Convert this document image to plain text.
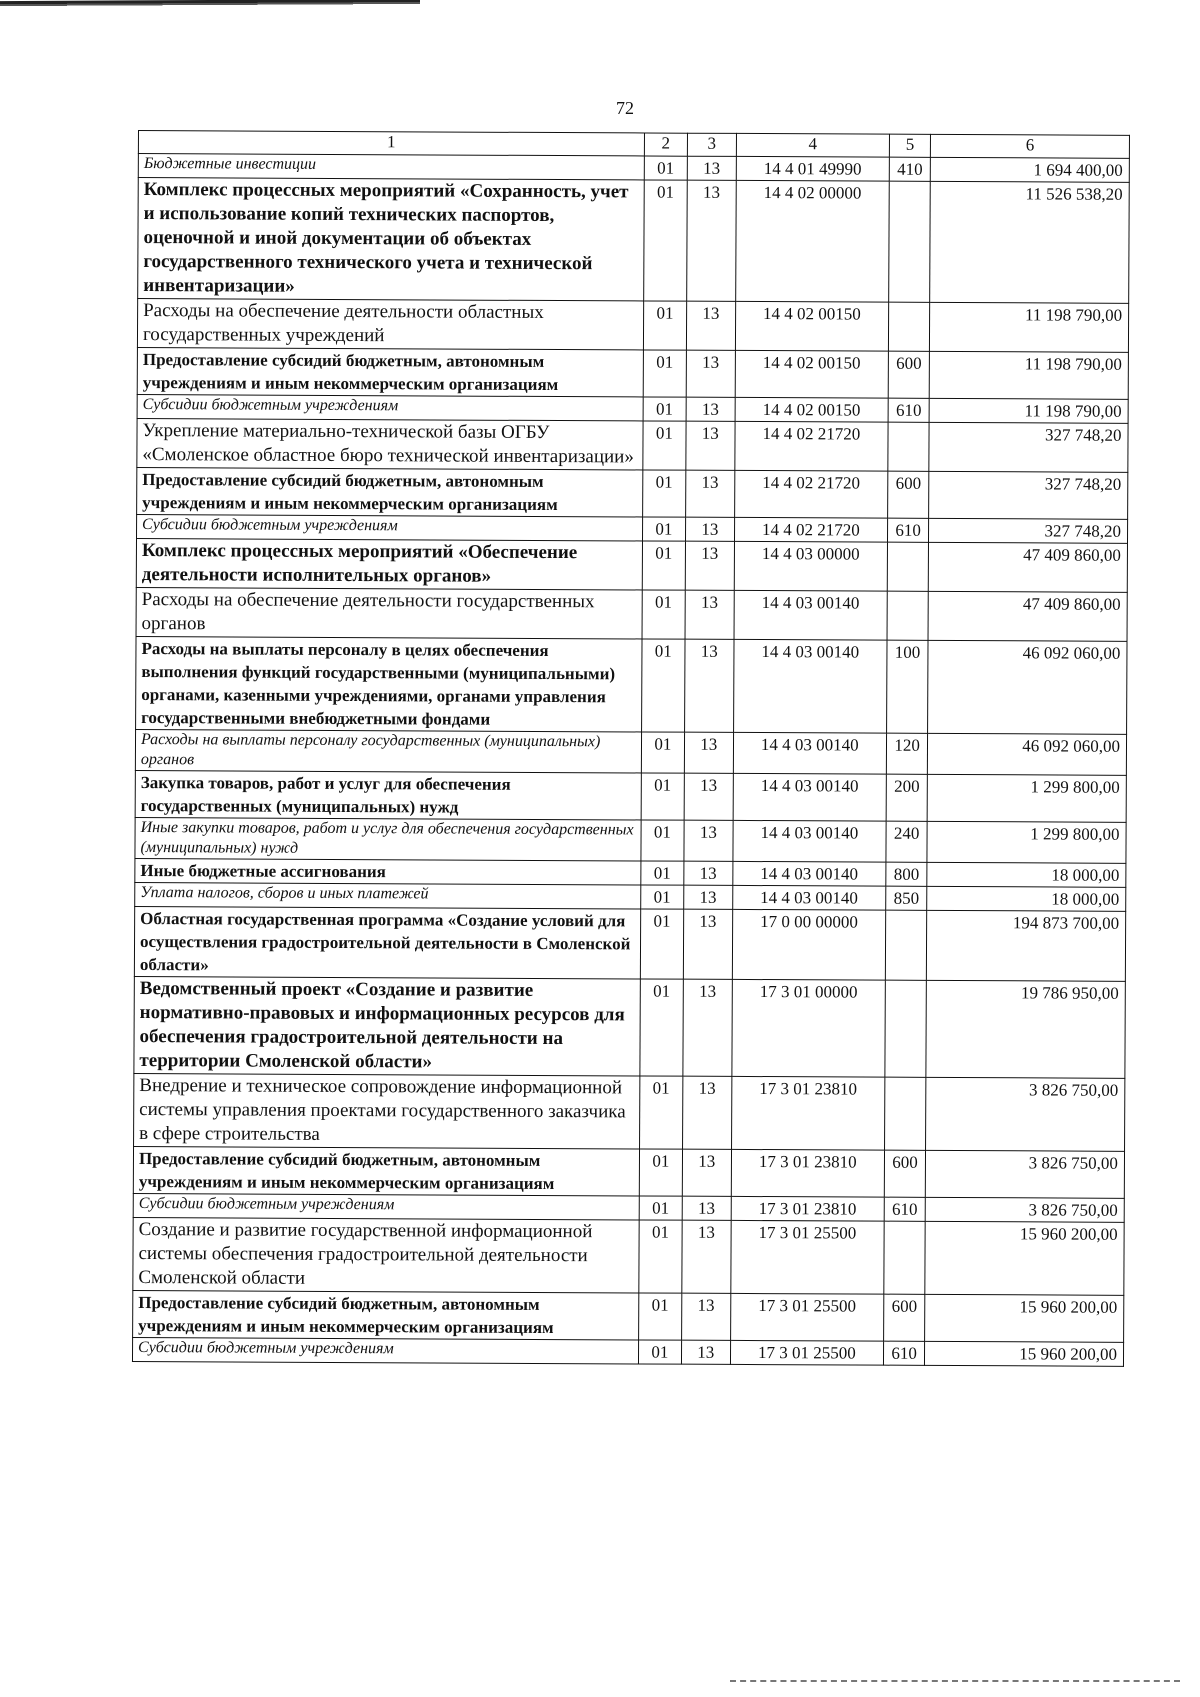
72
1	2	3	4	5	6
Бюджетные инвестиции	01	13	14 4 01 49990	410	1 694 400,00
Комплекс процессных мероприятий «Сохранность, учет и использование копий технических паспортов, оценочной и иной документации об объектах государственного технического учета и технической инвентаризации»	01	13	14 4 02 00000		11 526 538,20
Расходы на обеспечение деятельности областных государственных учреждений	01	13	14 4 02 00150		11 198 790,00
Предоставление субсидий бюджетным, автономным учреждениям и иным некоммерческим организациям	01	13	14 4 02 00150	600	11 198 790,00
Субсидии бюджетным учреждениям	01	13	14 4 02 00150	610	11 198 790,00
Укрепление материально-технической базы ОГБУ «Смоленское областное бюро технической инвентаризации»	01	13	14 4 02 21720		327 748,20
Предоставление субсидий бюджетным, автономным учреждениям и иным некоммерческим организациям	01	13	14 4 02 21720	600	327 748,20
Субсидии бюджетным учреждениям	01	13	14 4 02 21720	610	327 748,20
Комплекс процессных мероприятий «Обеспечение деятельности исполнительных органов»	01	13	14 4 03 00000		47 409 860,00
Расходы на обеспечение деятельности государственных органов	01	13	14 4 03 00140		47 409 860,00
Расходы на выплаты персоналу в целях обеспечения выполнения функций государственными (муниципальными) органами, казенными учреждениями, органами управления государственными внебюджетными фондами	01	13	14 4 03 00140	100	46 092 060,00
Расходы на выплаты персоналу государственных (муниципальных) органов	01	13	14 4 03 00140	120	46 092 060,00
Закупка товаров, работ и услуг для обеспечения государственных (муниципальных) нужд	01	13	14 4 03 00140	200	1 299 800,00
Иные закупки товаров, работ и услуг для обеспечения государственных (муниципальных) нужд	01	13	14 4 03 00140	240	1 299 800,00
Иные бюджетные ассигнования	01	13	14 4 03 00140	800	18 000,00
Уплата налогов, сборов и иных платежей	01	13	14 4 03 00140	850	18 000,00
Областная государственная программа «Создание условий для осуществления градостроительной деятельности в Смоленской области»	01	13	17 0 00 00000		194 873 700,00
Ведомственный проект «Создание и развитие нормативно-правовых и информационных ресурсов для обеспечения градостроительной деятельности на территории Смоленской области»	01	13	17 3 01 00000		19 786 950,00
Внедрение и техническое сопровождение информационной системы управления проектами государственного заказчика в сфере строительства	01	13	17 3 01 23810		3 826 750,00
Предоставление субсидий бюджетным, автономным учреждениям и иным некоммерческим организациям	01	13	17 3 01 23810	600	3 826 750,00
Субсидии бюджетным учреждениям	01	13	17 3 01 23810	610	3 826 750,00
Создание и развитие государственной информационной системы обеспечения градостроительной деятельности Смоленской области	01	13	17 3 01 25500		15 960 200,00
Предоставление субсидий бюджетным, автономным учреждениям и иным некоммерческим организациям	01	13	17 3 01 25500	600	15 960 200,00
Субсидии бюджетным учреждениям	01	13	17 3 01 25500	610	15 960 200,00
